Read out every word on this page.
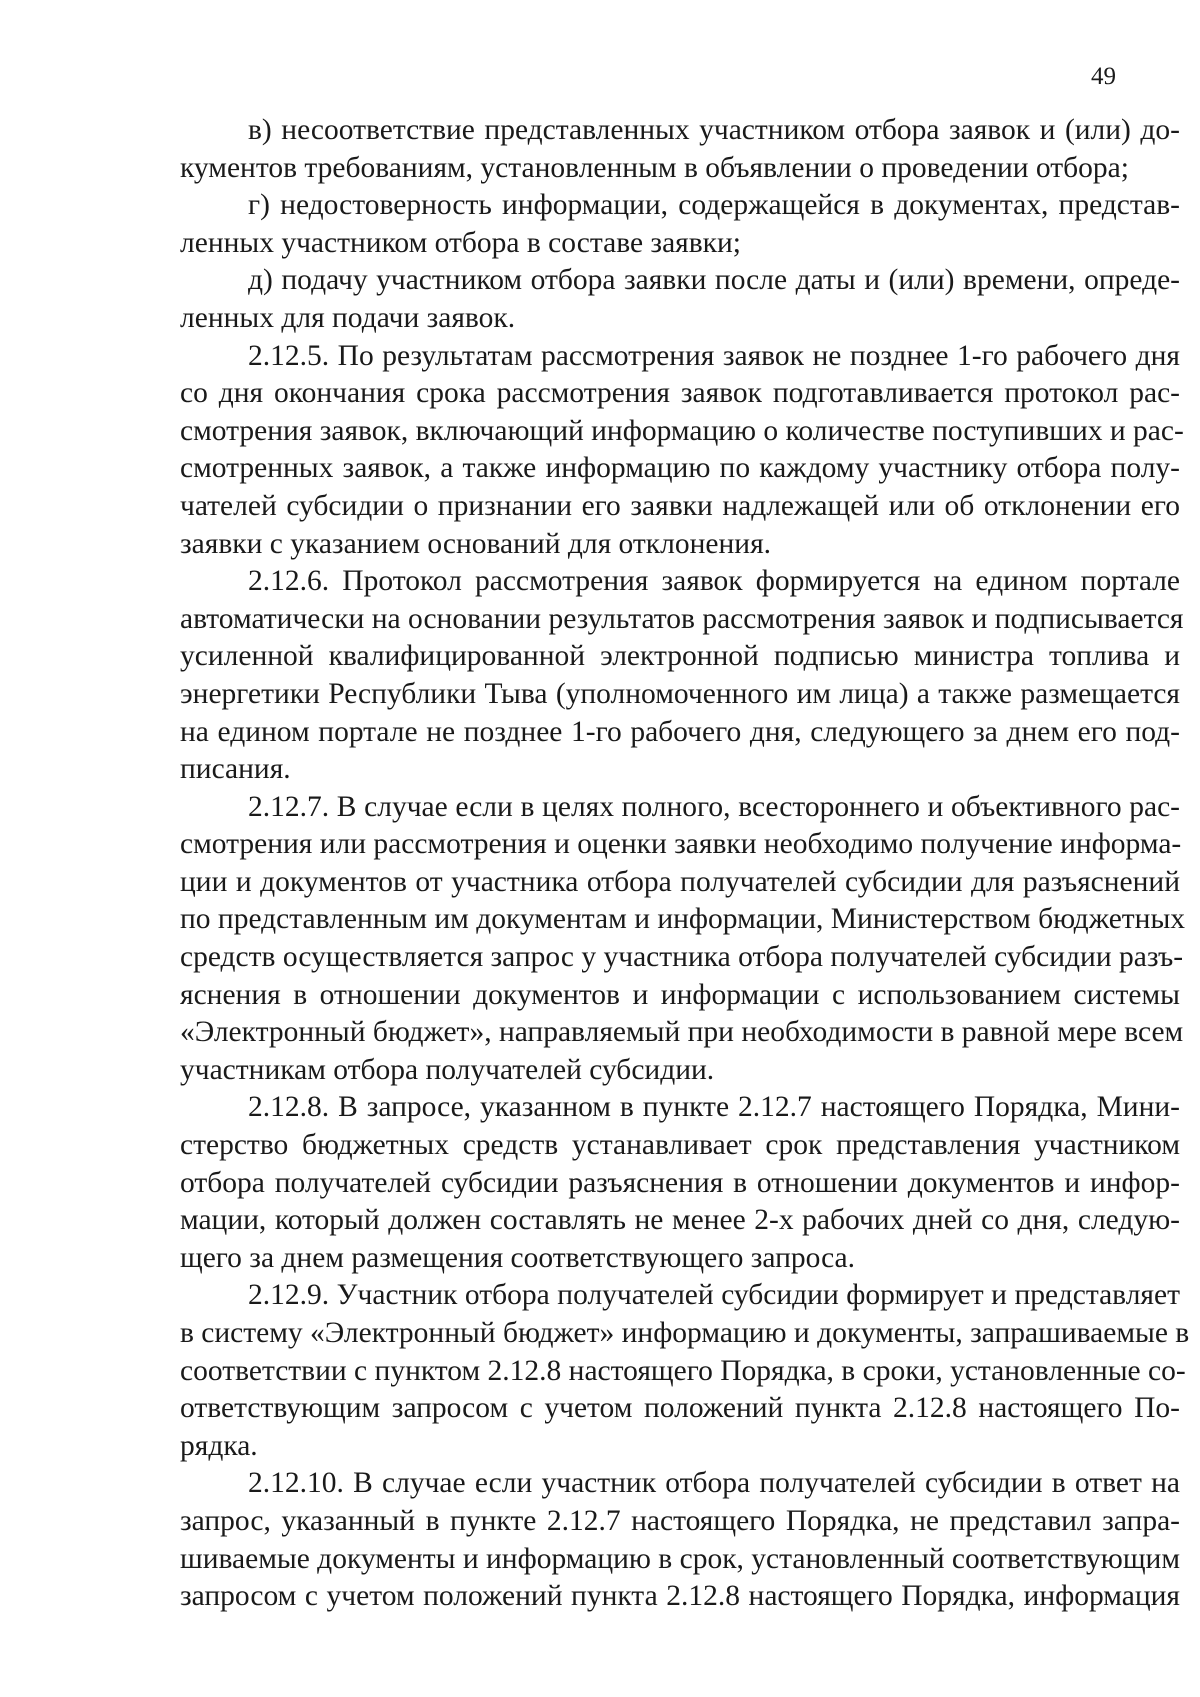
49
в) несоответствие представленных участником отбора заявок и (или) до-
кументов требованиям, установленным в объявлении о проведении отбора;
г) недостоверность информации, содержащейся в документах, представ-
ленных участником отбора в составе заявки;
д) подачу участником отбора заявки после даты и (или) времени, опреде-
ленных для подачи заявок.
2.12.5. По результатам рассмотрения заявок не позднее 1-го рабочего дня
со дня окончания срока рассмотрения заявок подготавливается протокол рас-
смотрения заявок, включающий информацию о количестве поступивших и рас-
смотренных заявок, а также информацию по каждому участнику отбора полу-
чателей субсидии о признании его заявки надлежащей или об отклонении его
заявки с указанием оснований для отклонения.
2.12.6. Протокол рассмотрения заявок формируется на едином портале
автоматически на основании результатов рассмотрения заявок и подписывается
усиленной квалифицированной электронной подписью министра топлива и
энергетики Республики Тыва (уполномоченного им лица) а также размещается
на едином портале не позднее 1-го рабочего дня, следующего за днем его под-
писания.
2.12.7. В случае если в целях полного, всестороннего и объективного рас-
смотрения или рассмотрения и оценки заявки необходимо получение информа-
ции и документов от участника отбора получателей субсидии для разъяснений
по представленным им документам и информации, Министерством бюджетных
средств осуществляется запрос у участника отбора получателей субсидии разъ-
яснения в отношении документов и информации с использованием системы
«Электронный бюджет», направляемый при необходимости в равной мере всем
участникам отбора получателей субсидии.
2.12.8. В запросе, указанном в пункте 2.12.7 настоящего Порядка, Мини-
стерство бюджетных средств устанавливает срок представления участником
отбора получателей субсидии разъяснения в отношении документов и инфор-
мации, который должен составлять не менее 2-х рабочих дней со дня, следую-
щего за днем размещения соответствующего запроса.
2.12.9. Участник отбора получателей субсидии формирует и представляет
в систему «Электронный бюджет» информацию и документы, запрашиваемые в
соответствии с пунктом 2.12.8 настоящего Порядка, в сроки, установленные со-
ответствующим запросом с учетом положений пункта 2.12.8 настоящего По-
рядка.
2.12.10. В случае если участник отбора получателей субсидии в ответ на
запрос, указанный в пункте 2.12.7 настоящего Порядка, не представил запра-
шиваемые документы и информацию в срок, установленный соответствующим
запросом с учетом положений пункта 2.12.8 настоящего Порядка, информация
